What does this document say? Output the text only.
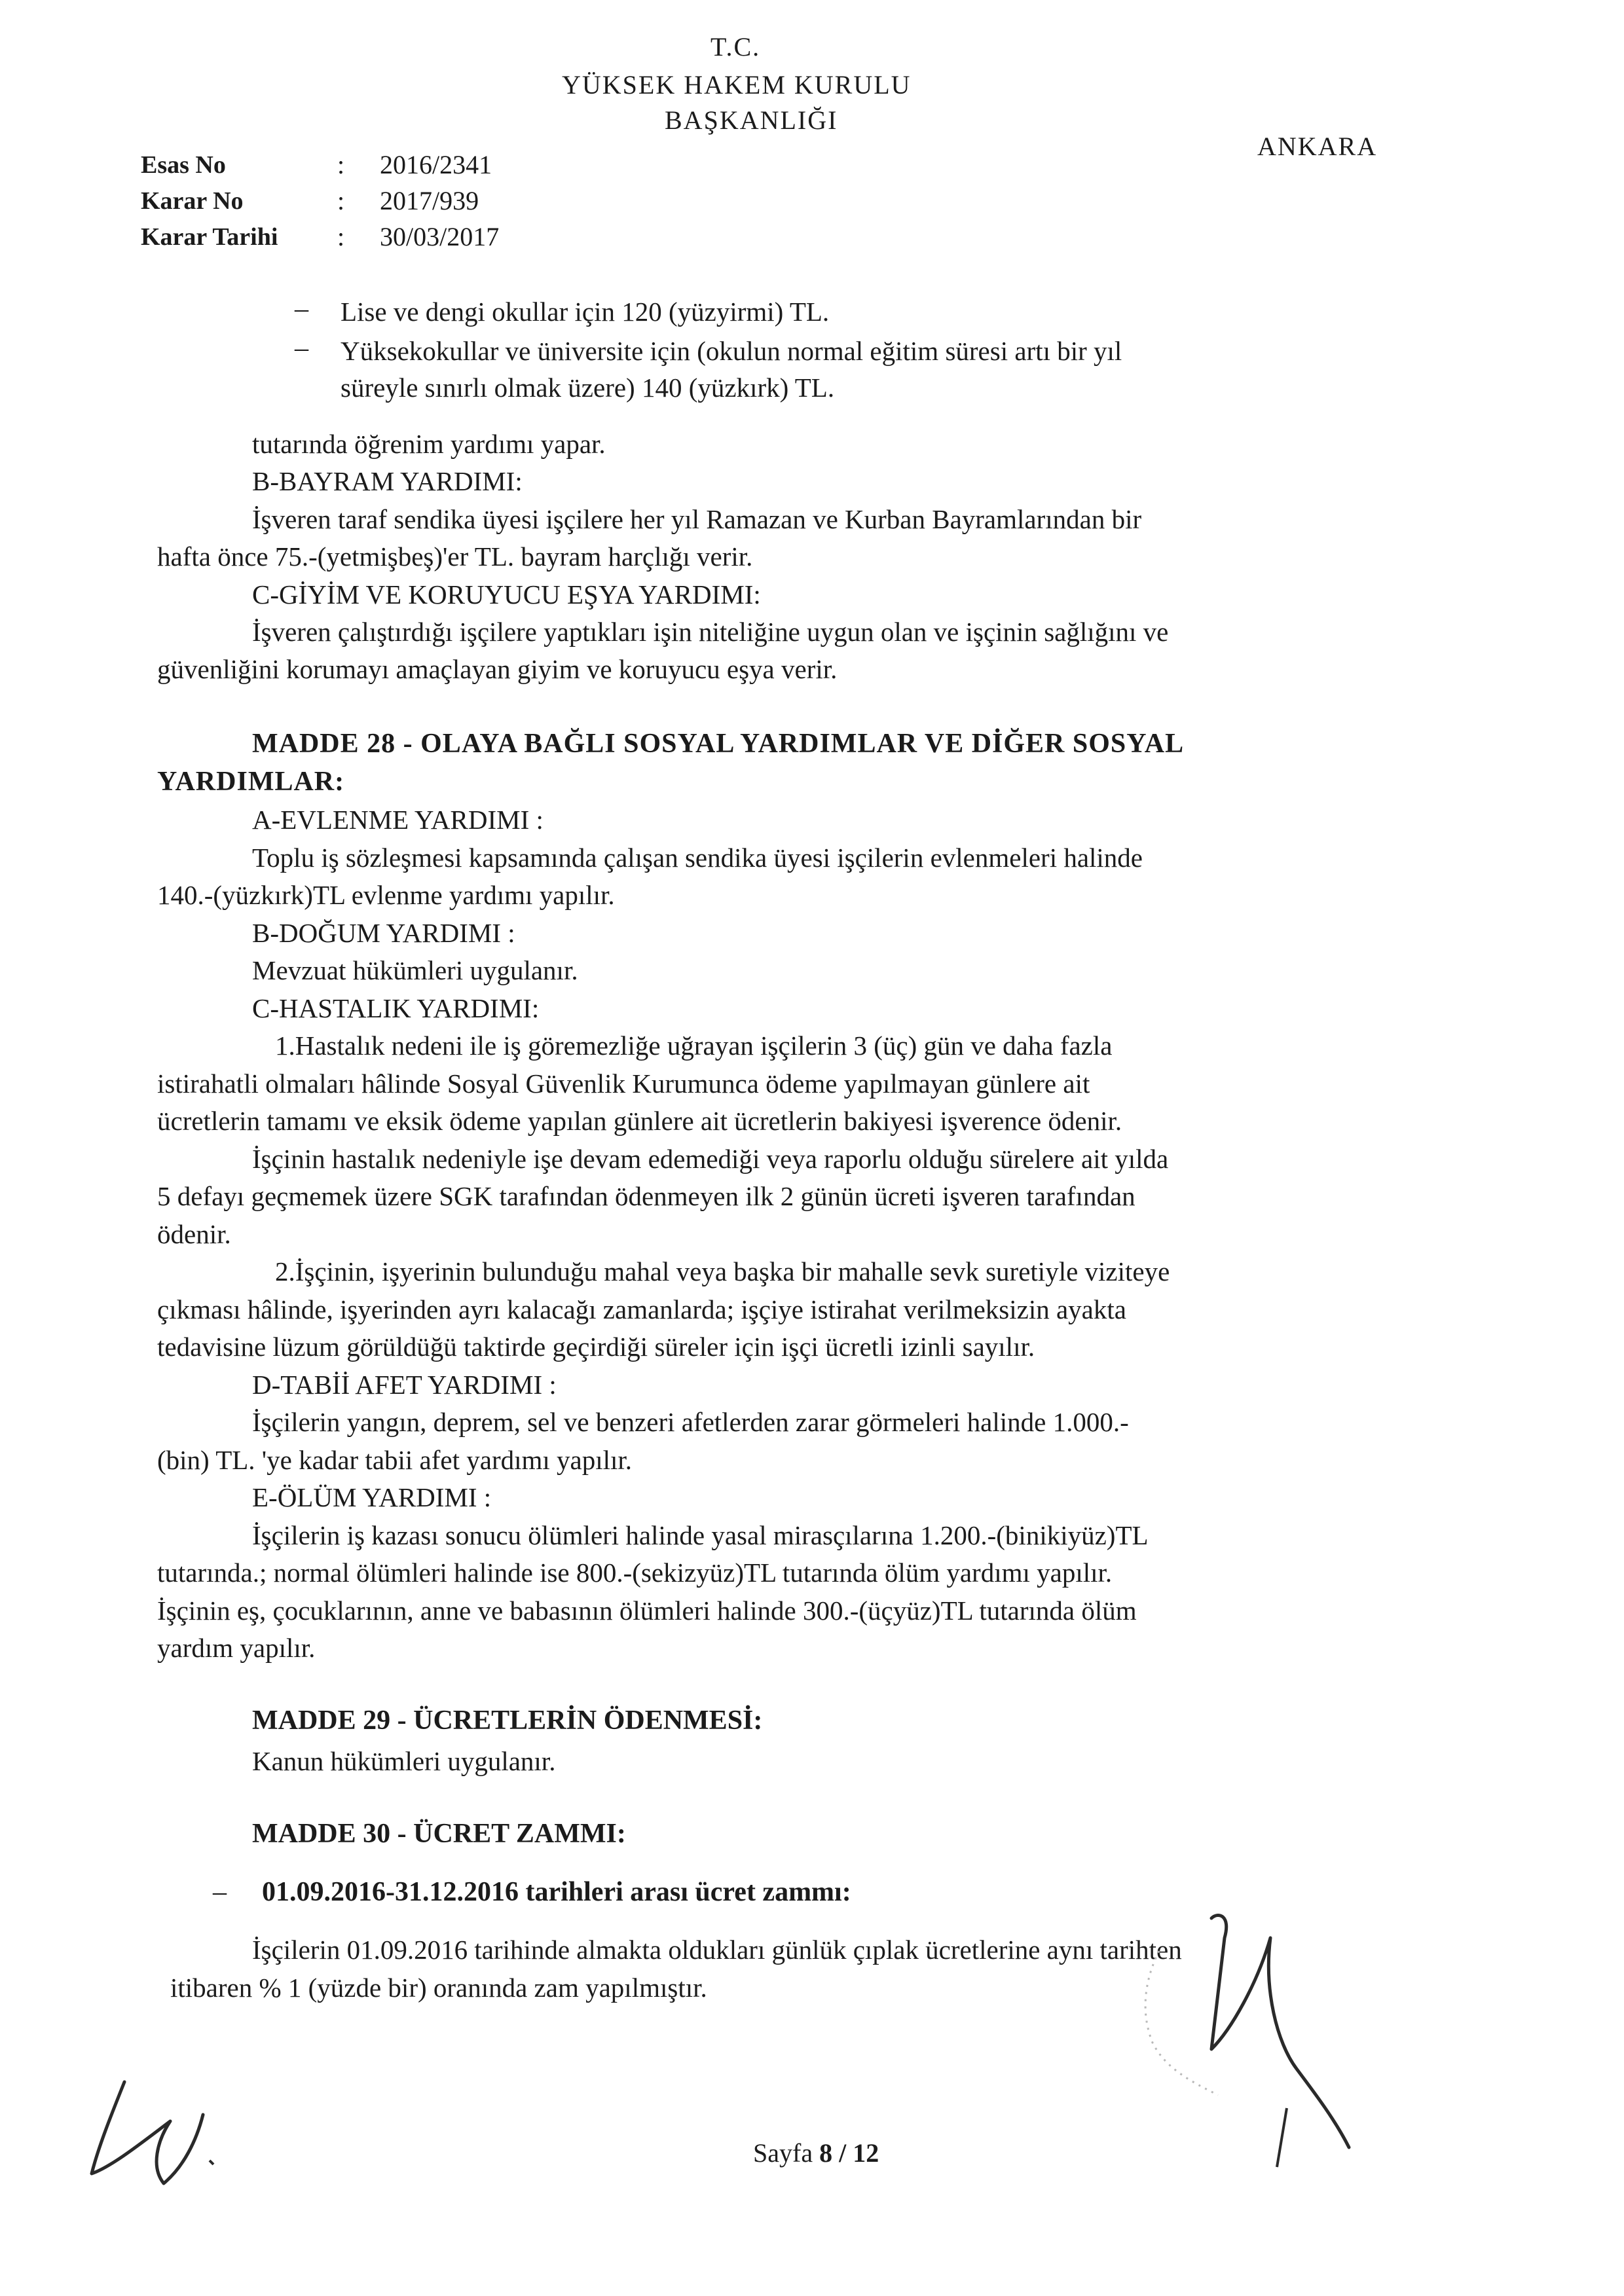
T.C.
YÜKSEK HAKEM KURULU
BAŞKANLIĞI
ANKARA
Esas No	: 2016/2341
Karar No	: 2017/939
Karar Tarihi : 30/03/2017
– Lise ve dengi okullar için 120 (yüzyirmi) TL.
– Yüksekokullar ve üniversite için (okulun normal eğitim süresi artı bir yıl
süreyle sınırlı olmak üzere) 140 (yüzkırk) TL.
tutarında öğrenim yardımı yapar.
B-BAYRAM YARDIMI:
İşveren taraf sendika üyesi işçilere her yıl Ramazan ve Kurban Bayramlarından bir
hafta önce 75.-(yetmişbeş)'er TL. bayram harçlığı verir.
C-GİYİM VE KORUYUCU EŞYA YARDIMI:
İşveren çalıştırdığı işçilere yaptıkları işin niteliğine uygun olan ve işçinin sağlığını ve
güvenliğini korumayı amaçlayan giyim ve koruyucu eşya verir.
MADDE 28 - OLAYA BAĞLI SOSYAL YARDIMLAR VE DİĞER SOSYAL
YARDIMLAR:
A-EVLENME YARDIMI :
Toplu iş sözleşmesi kapsamında çalışan sendika üyesi işçilerin evlenmeleri halinde
140.-(yüzkırk)TL evlenme yardımı yapılır.
B-DOĞUM YARDIMI :
Mevzuat hükümleri uygulanır.
C-HASTALIK YARDIMI:
1.Hastalık nedeni ile iş göremezliğe uğrayan işçilerin 3 (üç) gün ve daha fazla
istirahatli olmaları hâlinde Sosyal Güvenlik Kurumunca ödeme yapılmayan günlere ait
ücretlerin tamamı ve eksik ödeme yapılan günlere ait ücretlerin bakiyesi işverence ödenir.
İşçinin hastalık nedeniyle işe devam edemediği veya raporlu olduğu sürelere ait yılda
5 defayı geçmemek üzere SGK tarafından ödenmeyen ilk 2 günün ücreti işveren tarafından
ödenir.
2.İşçinin, işyerinin bulunduğu mahal veya başka bir mahalle sevk suretiyle viziteye
çıkması hâlinde, işyerinden ayrı kalacağı zamanlarda; işçiye istirahat verilmeksizin ayakta
tedavisine lüzum görüldüğü taktirde geçirdiği süreler için işçi ücretli izinli sayılır.
D-TABİİ AFET YARDIMI :
İşçilerin yangın, deprem, sel ve benzeri afetlerden zarar görmeleri halinde 1.000.-
(bin) TL. 'ye kadar tabii afet yardımı yapılır.
E-ÖLÜM YARDIMI :
İşçilerin iş kazası sonucu ölümleri halinde yasal mirasçılarına 1.200.-(binikiyüz)TL
tutarında.; normal ölümleri halinde ise 800.-(sekizyüz)TL tutarında ölüm yardımı yapılır.
İşçinin eş, çocuklarının, anne ve babasının ölümleri halinde 300.-(üçyüz)TL tutarında ölüm
yardım yapılır.
MADDE 29 - ÜCRETLERİN ÖDENMESİ:
Kanun hükümleri uygulanır.
MADDE 30 - ÜCRET ZAMMI:
– 01.09.2016-31.12.2016 tarihleri arası ücret zammı:
İşçilerin 01.09.2016 tarihinde almakta oldukları günlük çıplak ücretlerine aynı tarihten
itibaren % 1 (yüzde bir) oranında zam yapılmıştır.
Sayfa 8 / 12
